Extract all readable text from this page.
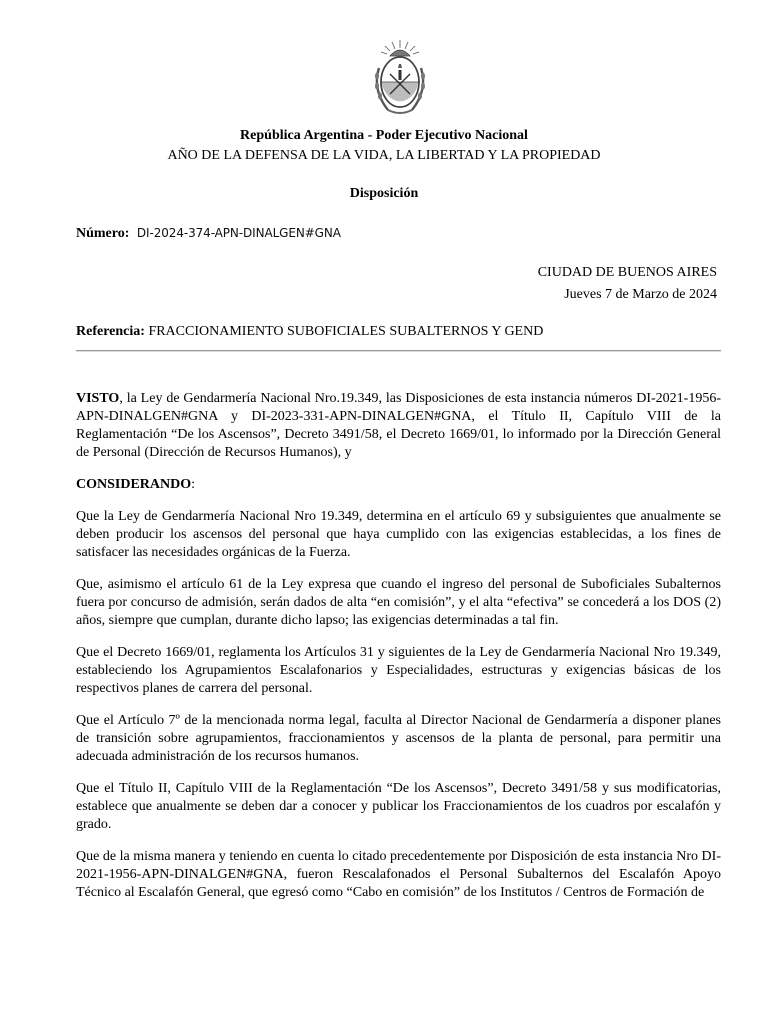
República Argentina - Poder Ejecutivo Nacional
AÑO DE LA DEFENSA DE LA VIDA, LA LIBERTAD Y LA PROPIEDAD
Disposición
Número: DI-2024-374-APN-DINALGEN#GNA
CIUDAD DE BUENOS AIRES
Jueves 7 de Marzo de 2024
Referencia: FRACCIONAMIENTO SUBOFICIALES SUBALTERNOS Y GEND

VISTO, la Ley de Gendarmería Nacional Nro.19.349, las Disposiciones de esta instancia números DI-2021-1956-APN-DINALGEN#GNA y DI-2023-331-APN-DINALGEN#GNA, el Título II, Capítulo VIII de la Reglamentación “De los Ascensos”, Decreto 3491/58, el Decreto 1669/01, lo informado por la Dirección General de Personal (Dirección de Recursos Humanos), y

CONSIDERANDO:

Que la Ley de Gendarmería Nacional Nro 19.349, determina en el artículo 69 y subsiguientes que anualmente se deben producir los ascensos del personal que haya cumplido con las exigencias establecidas, a los fines de satisfacer las necesidades orgánicas de la Fuerza.

Que, asimismo el artículo 61 de la Ley expresa que cuando el ingreso del personal de Suboficiales Subalternos fuera por concurso de admisión, serán dados de alta “en comisión”, y el alta “efectiva” se concederá a los DOS (2) años, siempre que cumplan, durante dicho lapso; las exigencias determinadas a tal fin.

Que el Decreto 1669/01, reglamenta los Artículos 31 y siguientes de la Ley de Gendarmería Nacional Nro 19.349, estableciendo los Agrupamientos Escalafonarios y Especialidades, estructuras y exigencias básicas de los respectivos planes de carrera del personal.

Que el Artículo 7º de la mencionada norma legal, faculta al Director Nacional de Gendarmería a disponer planes de transición sobre agrupamientos, fraccionamientos y ascensos de la planta de personal, para permitir una adecuada administración de los recursos humanos.

Que el Título II, Capítulo VIII de la Reglamentación “De los Ascensos”, Decreto 3491/58 y sus modificatorias, establece que anualmente se deben dar a conocer y publicar los Fraccionamientos de los cuadros por escalafón y grado.

Que de la misma manera y teniendo en cuenta lo citado precedentemente por Disposición de esta instancia Nro DI-2021-1956-APN-DINALGEN#GNA, fueron Rescalafonados el Personal Subalternos del Escalafón Apoyo Técnico al Escalafón General, que egresó como “Cabo en comisión” de los Institutos / Centros de Formación de
